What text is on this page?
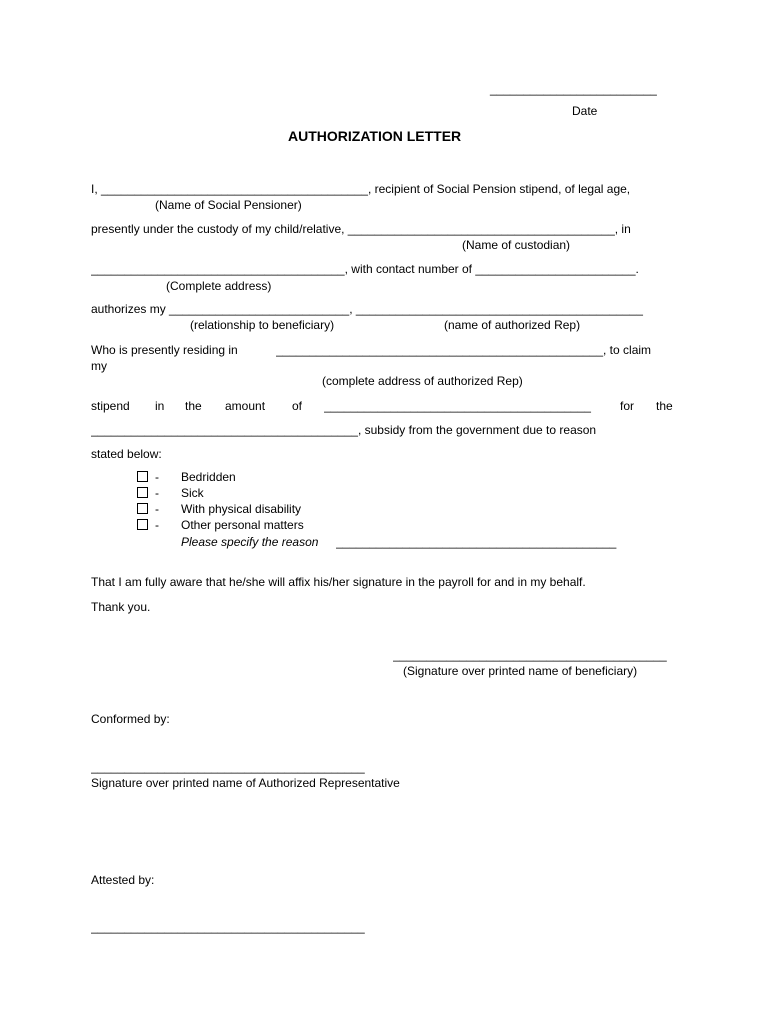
_________________________
Date
AUTHORIZATION LETTER
I, ________________________________________, recipient of Social Pension stipend, of legal age,
(Name of Social Pensioner)
presently under the custody of my child/relative, ________________________________________, in
(Name of custodian)
______________________________________, with contact number of ________________________.
(Complete address)
authorizes my ___________________________, ___________________________________________
(relationship to beneficiary)	(name of authorized Rep)
Who is presently residing in	_________________________________________________, to claim
my
(complete address of authorized Rep)
stipend in the amount of ________________________________________	for the
________________________________________, subsidy from the government due to reason
stated below:
- Bedridden
- Sick
- With physical disability
- Other personal matters
Please specify the reason __________________________________________
That I am fully aware that he/she will affix his/her signature in the payroll for and in my behalf.
Thank you.
_________________________________________
(Signature over printed name of beneficiary)
Conformed by:
_________________________________________
Signature over printed name of Authorized Representative
Attested by:
_________________________________________
